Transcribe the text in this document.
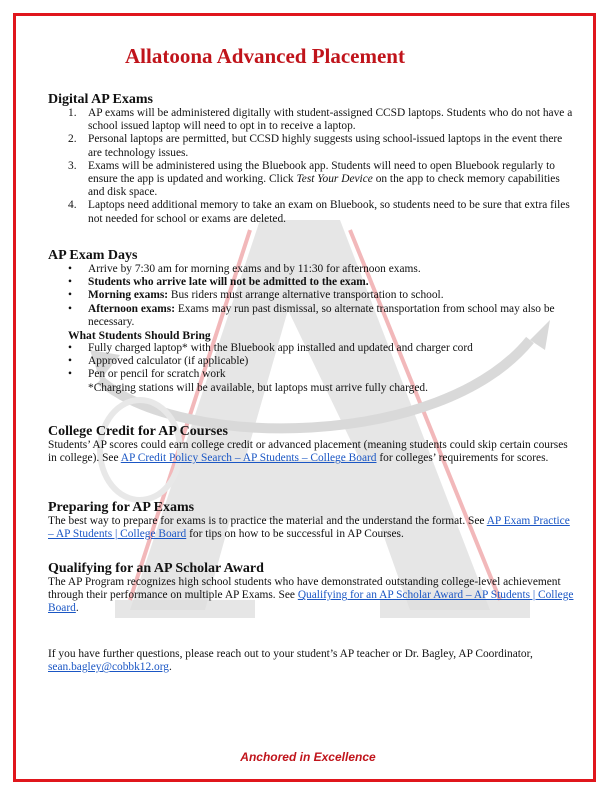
Allatoona Advanced Placement
Digital AP Exams
1. AP exams will be administered digitally with student-assigned CCSD laptops. Students who do not have a school issued laptop will need to opt in to receive a laptop.
2. Personal laptops are permitted, but CCSD highly suggests using school-issued laptops in the event there are technology issues.
3. Exams will be administered using the Bluebook app. Students will need to open Bluebook regularly to ensure the app is updated and working. Click Test Your Device on the app to check memory capabilities and disk space.
4. Laptops need additional memory to take an exam on Bluebook, so students need to be sure that extra files not needed for school or exams are deleted.
AP Exam Days
• Arrive by 7:30 am for morning exams and by 11:30 for afternoon exams.
• Students who arrive late will not be admitted to the exam.
• Morning exams: Bus riders must arrange alternative transportation to school.
• Afternoon exams: Exams may run past dismissal, so alternate transportation from school may also be necessary.
What Students Should Bring
• Fully charged laptop* with the Bluebook app installed and updated and charger cord
• Approved calculator (if applicable)
• Pen or pencil for scratch work
*Charging stations will be available, but laptops must arrive fully charged.
College Credit for AP Courses

Students’ AP scores could earn college credit or advanced placement (meaning students could skip certain courses in college). See AP Credit Policy Search – AP Students – College Board for colleges’ requirements for scores.

Preparing for AP Exams

The best way to prepare for exams is to practice the material and the understand the format. See AP Exam Practice – AP Students | College Board for tips on how to be successful in AP Courses.

Qualifying for an AP Scholar Award

The AP Program recognizes high school students who have demonstrated outstanding college-level achievement through their performance on multiple AP Exams. See Qualifying for an AP Scholar Award – AP Students | College Board.

If you have further questions, please reach out to your student’s AP teacher or Dr. Bagley, AP Coordinator, sean.bagley@cobbk12.org.

Anchored in Excellence
